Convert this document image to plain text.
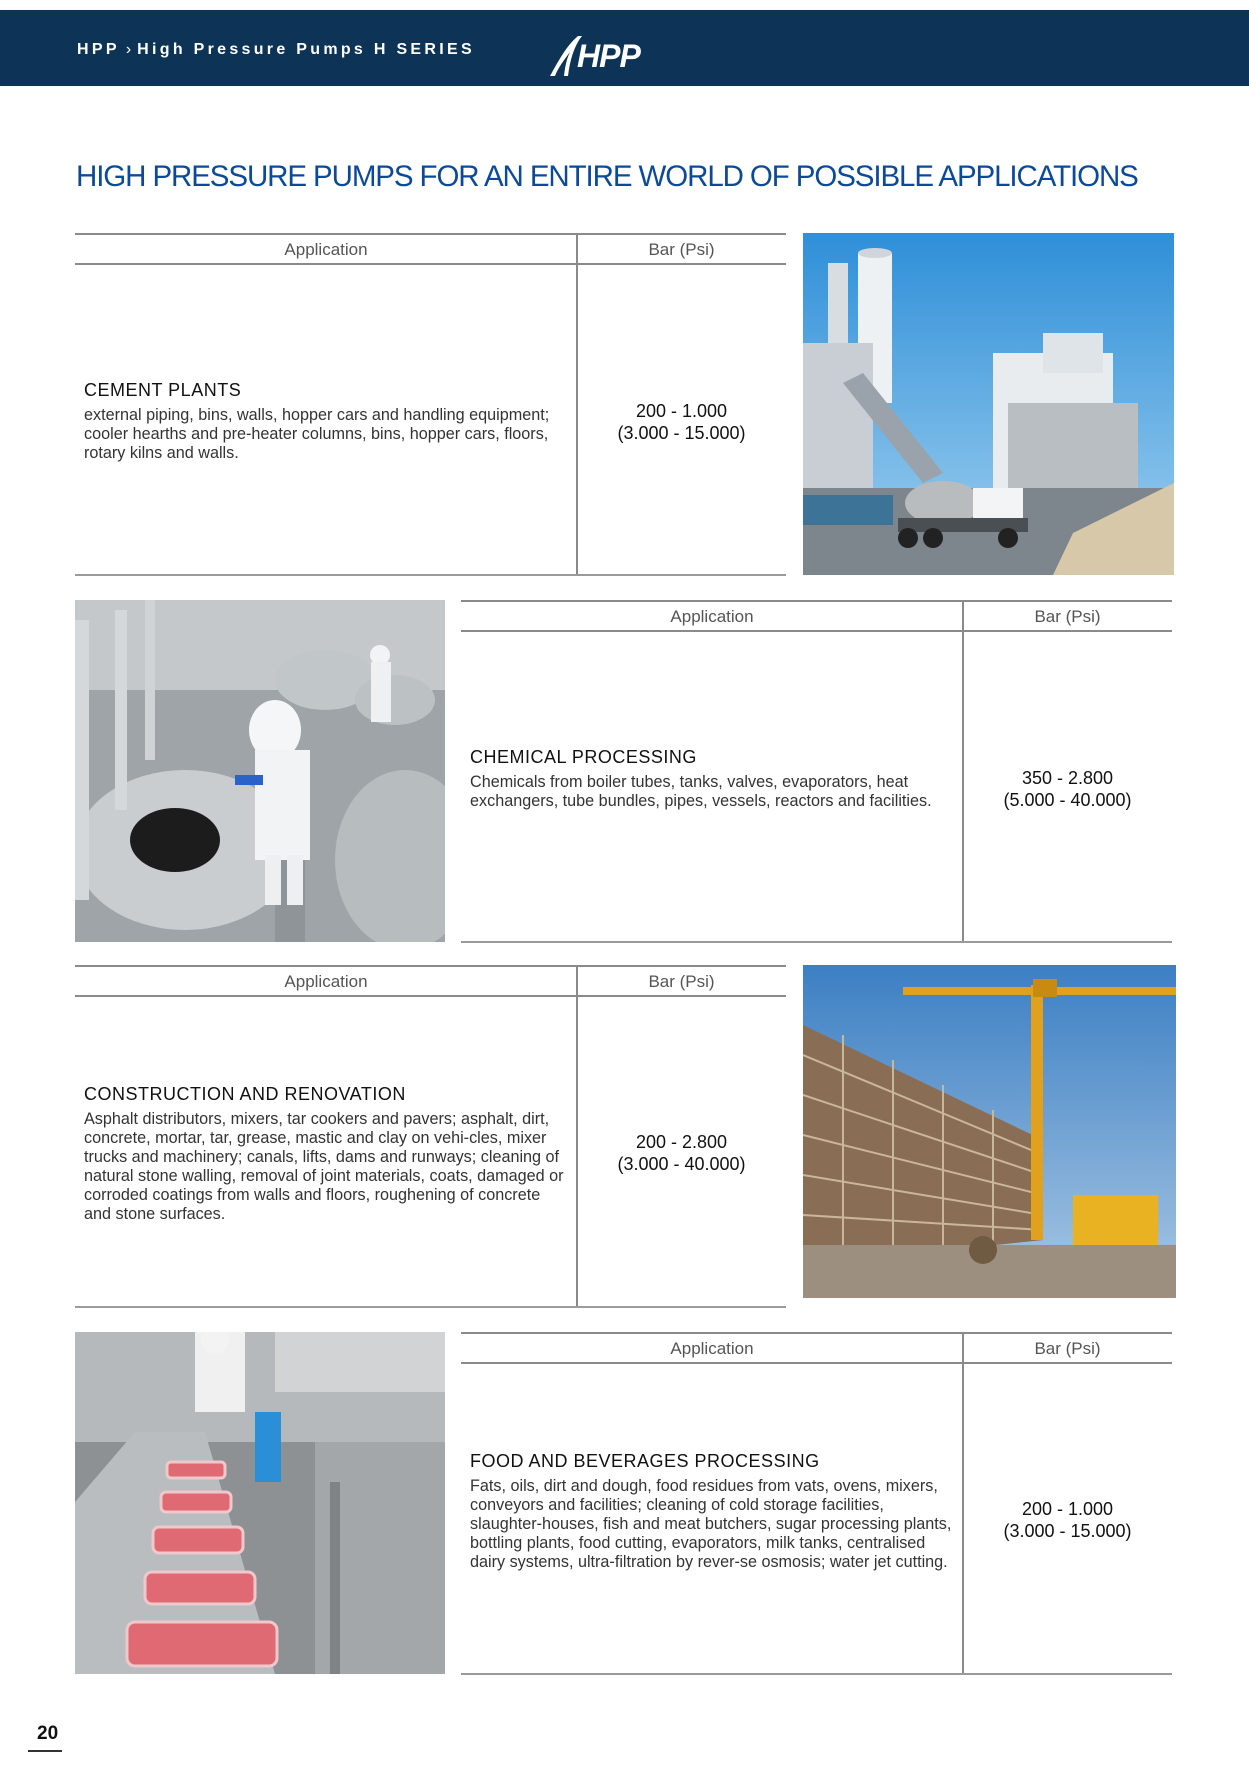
HPP › High Pressure Pumps H SERIES	HPP
HIGH PRESSURE PUMPS FOR AN ENTIRE WORLD OF POSSIBLE APPLICATIONS
Application	Bar (Psi)
CEMENT PLANTS
external piping, bins, walls, hopper cars and handling equipment; cooler hearths and pre-heater columns, bins, hopper cars, floors, rotary kilns and walls.
200 - 1.000
(3.000 - 15.000)
Application	Bar (Psi)
CHEMICAL PROCESSING
Chemicals from boiler tubes, tanks, valves, evaporators, heat exchangers, tube bundles, pipes, vessels, reactors and facilities.
350 - 2.800
(5.000 - 40.000)
Application	Bar (Psi)
CONSTRUCTION AND RENOVATION
Asphalt distributors, mixers, tar cookers and pavers; asphalt, dirt, concrete, mortar, tar, grease, mastic and clay on vehi-cles, mixer trucks and machinery; canals, lifts, dams and runways; cleaning of natural stone walling, removal of joint materials, coats, damaged or corroded coatings from walls and floors, roughening of concrete and stone surfaces.
200 - 2.800
(3.000 - 40.000)
Application	Bar (Psi)
FOOD AND BEVERAGES PROCESSING
Fats, oils, dirt and dough, food residues from vats, ovens, mixers, conveyors and facilities; cleaning of cold storage facilities, slaughter-houses, fish and meat butchers, sugar processing plants, bottling plants, food cutting, evaporators, milk tanks, centralised dairy systems, ultra-filtration by rever-se osmosis; water jet cutting.
200 - 1.000
(3.000 - 15.000)
20
